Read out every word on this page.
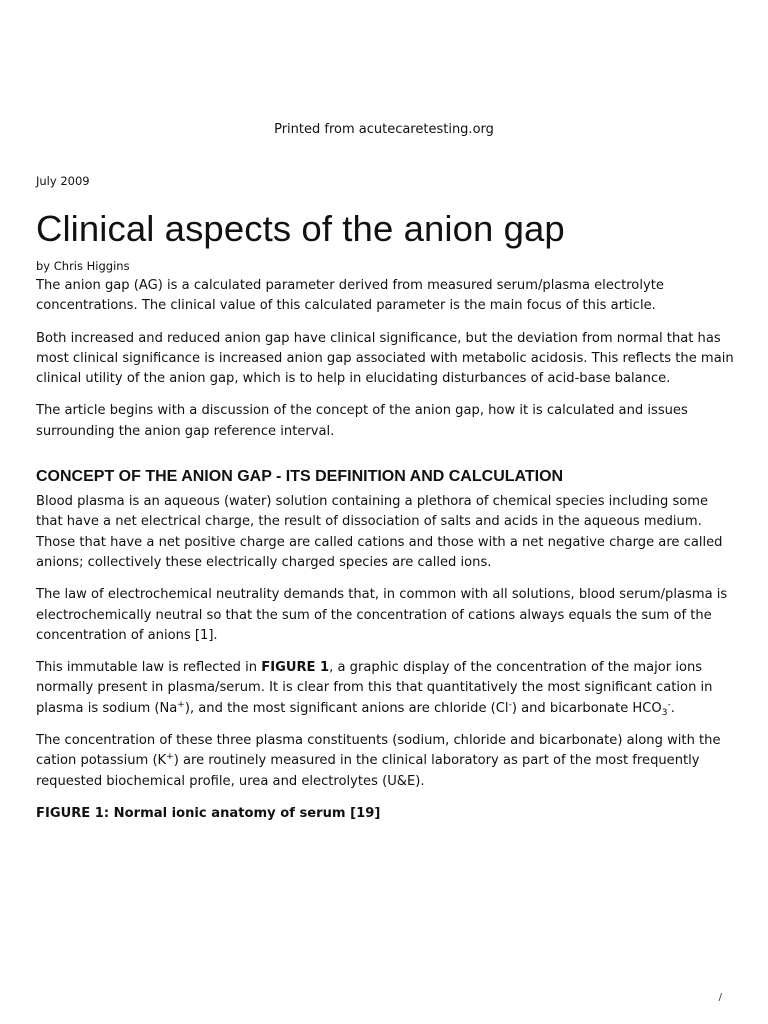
Printed from acutecaretesting.org

July 2009

Clinical aspects of the anion gap

by Chris Higgins

The anion gap (AG) is a calculated parameter derived from measured serum/plasma electrolyte concentrations. The clinical value of this calculated parameter is the main focus of this article.

Both increased and reduced anion gap have clinical significance, but the deviation from normal that has most clinical significance is increased anion gap associated with metabolic acidosis. This reflects the main clinical utility of the anion gap, which is to help in elucidating disturbances of acid-base balance.

The article begins with a discussion of the concept of the anion gap, how it is calculated and issues surrounding the anion gap reference interval.

CONCEPT OF THE ANION GAP - ITS DEFINITION AND CALCULATION

Blood plasma is an aqueous (water) solution containing a plethora of chemical species including some that have a net electrical charge, the result of dissociation of salts and acids in the aqueous medium. Those that have a net positive charge are called cations and those with a net negative charge are called anions; collectively these electrically charged species are called ions.

The law of electrochemical neutrality demands that, in common with all solutions, blood serum/plasma is electrochemically neutral so that the sum of the concentration of cations always equals the sum of the concentration of anions [1].

This immutable law is reflected in FIGURE 1, a graphic display of the concentration of the major ions normally present in plasma/serum. It is clear from this that quantitatively the most significant cation in plasma is sodium (Na+), and the most significant anions are chloride (Cl-) and bicarbonate $HCO_3^-$.

The concentration of these three plasma constituents (sodium, chloride and bicarbonate) along with the cation potassium (K+) are routinely measured in the clinical laboratory as part of the most frequently requested biochemical profile, urea and electrolytes (U&E).

FIGURE 1: Normal ionic anatomy of serum [19]

/
